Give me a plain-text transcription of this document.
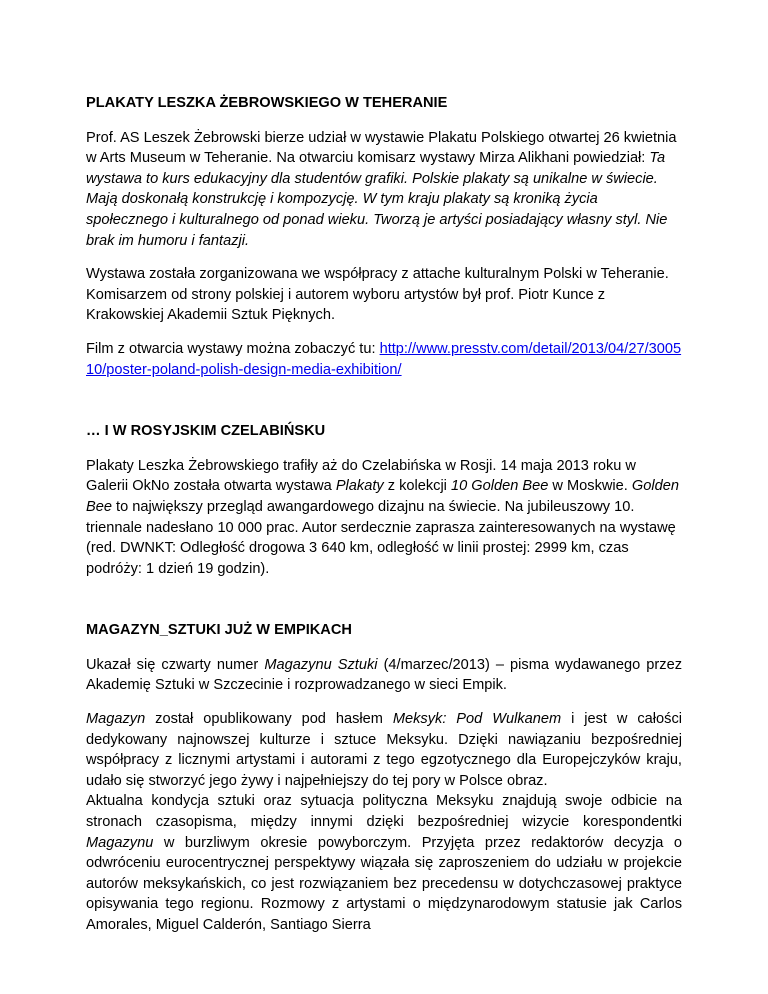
PLAKATY LESZKA ŻEBROWSKIEGO W TEHERANIE

Prof. AS Leszek Żebrowski bierze udział w wystawie Plakatu Polskiego otwartej 26 kwietnia w Arts Museum w Teheranie. Na otwarciu komisarz wystawy Mirza Alikhani powiedział: Ta wystawa to kurs edukacyjny dla studentów grafiki. Polskie plakaty są unikalne w świecie. Mają doskonałą konstrukcję i kompozycję. W tym kraju plakaty są kroniką życia społecznego i kulturalnego od ponad wieku. Tworzą je artyści posiadający własny styl. Nie brak im humoru i fantazji.

Wystawa została zorganizowana we współpracy z attache kulturalnym Polski w Teheranie. Komisarzem od strony polskiej i autorem wyboru artystów był prof. Piotr Kunce z Krakowskiej Akademii Sztuk Pięknych.

Film z otwarcia wystawy można zobaczyć tu: http://www.presstv.com/detail/2013/04/27/300510/poster-poland-polish-design-media-exhibition/

… I W ROSYJSKIM CZELABIŃSKU

Plakaty Leszka Żebrowskiego trafiły aż do Czelabińska w Rosji. 14 maja 2013 roku w Galerii OkNo została otwarta wystawa Plakaty z kolekcji 10 Golden Bee w Moskwie. Golden Bee to największy przegląd awangardowego dizajnu na świecie. Na jubileuszowy 10. triennale nadesłano 10 000 prac. Autor serdecznie zaprasza zainteresowanych na wystawę (red. DWNKT: Odległość drogowa 3 640 km, odległość w linii prostej: 2999 km, czas podróży: 1 dzień 19 godzin).

MAGAZYN_SZTUKI JUŻ W EMPIKACH

Ukazał się czwarty numer Magazynu Sztuki (4/marzec/2013) – pisma wydawanego przez Akademię Sztuki w Szczecinie i rozprowadzanego w sieci Empik.

Magazyn został opublikowany pod hasłem Meksyk: Pod Wulkanem i jest w całości dedykowany najnowszej kulturze i sztuce Meksyku. Dzięki nawiązaniu bezpośredniej współpracy z licznymi artystami i autorami z tego egzotycznego dla Europejczyków kraju, udało się stworzyć jego żywy i najpełniejszy do tej pory w Polsce obraz.

Aktualna kondycja sztuki oraz sytuacja polityczna Meksyku znajdują swoje odbicie na stronach czasopisma, między innymi dzięki bezpośredniej wizycie korespondentki Magazynu w burzliwym okresie powyborczym. Przyjęta przez redaktorów decyzja o odwróceniu eurocentrycznej perspektywy wiązała się zaproszeniem do udziału w projekcie autorów meksykańskich, co jest rozwiązaniem bez precedensu w dotychczasowej praktyce opisywania tego regionu. Rozmowy z artystami o międzynarodowym statusie jak Carlos Amorales, Miguel Calderón, Santiago Sierra
